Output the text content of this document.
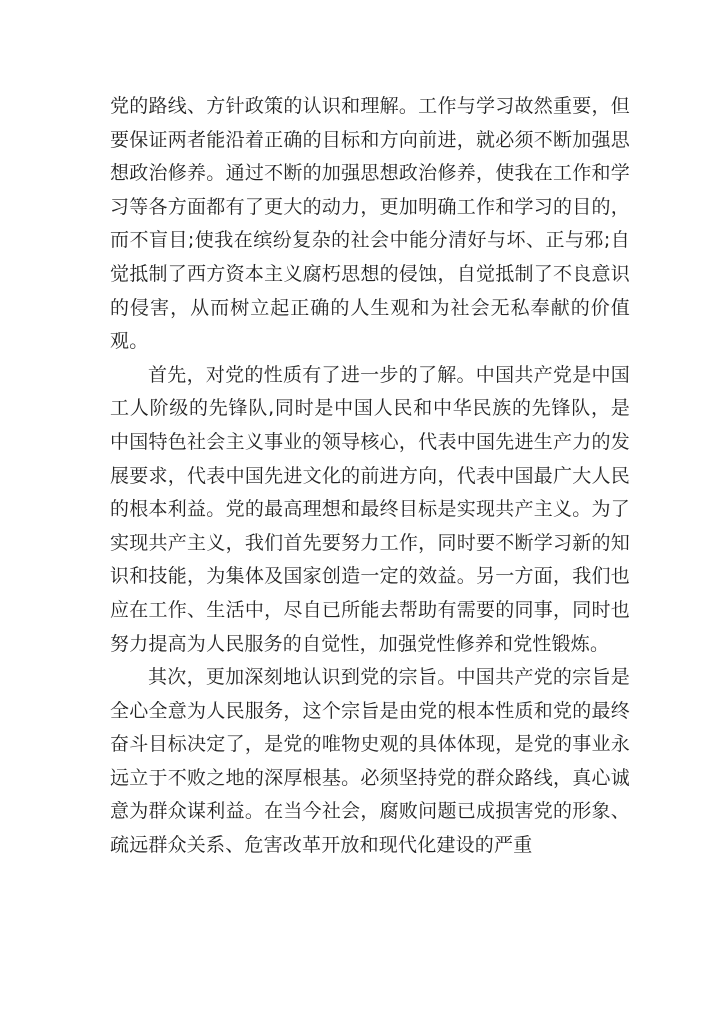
党的路线、方针政策的认识和理解。工作与学习故然重要，但要保证两者能沿着正确的目标和方向前进，就必须不断加强思想政治修养。通过不断的加强思想政治修养，使我在工作和学习等各方面都有了更大的动力，更加明确工作和学习的目的，而不盲目;使我在缤纷复杂的社会中能分清好与坏、正与邪;自觉抵制了西方资本主义腐朽思想的侵蚀，自觉抵制了不良意识的侵害，从而树立起正确的人生观和为社会无私奉献的价值观。

首先，对党的性质有了进一步的了解。中国共产党是中国工人阶级的先锋队,同时是中国人民和中华民族的先锋队，是中国特色社会主义事业的领导核心，代表中国先进生产力的发展要求，代表中国先进文化的前进方向，代表中国最广大人民的根本利益。党的最高理想和最终目标是实现共产主义。为了实现共产主义，我们首先要努力工作，同时要不断学习新的知识和技能，为集体及国家创造一定的效益。另一方面，我们也应在工作、生活中，尽自已所能去帮助有需要的同事，同时也努力提高为人民服务的自觉性，加强党性修养和党性锻炼。

其次，更加深刻地认识到党的宗旨。中国共产党的宗旨是全心全意为人民服务，这个宗旨是由党的根本性质和党的最终奋斗目标决定了，是党的唯物史观的具体体现，是党的事业永远立于不败之地的深厚根基。必须坚持党的群众路线，真心诚意为群众谋利益。在当今社会，腐败问题已成损害党的形象、疏远群众关系、危害改革开放和现代化建设的严重
